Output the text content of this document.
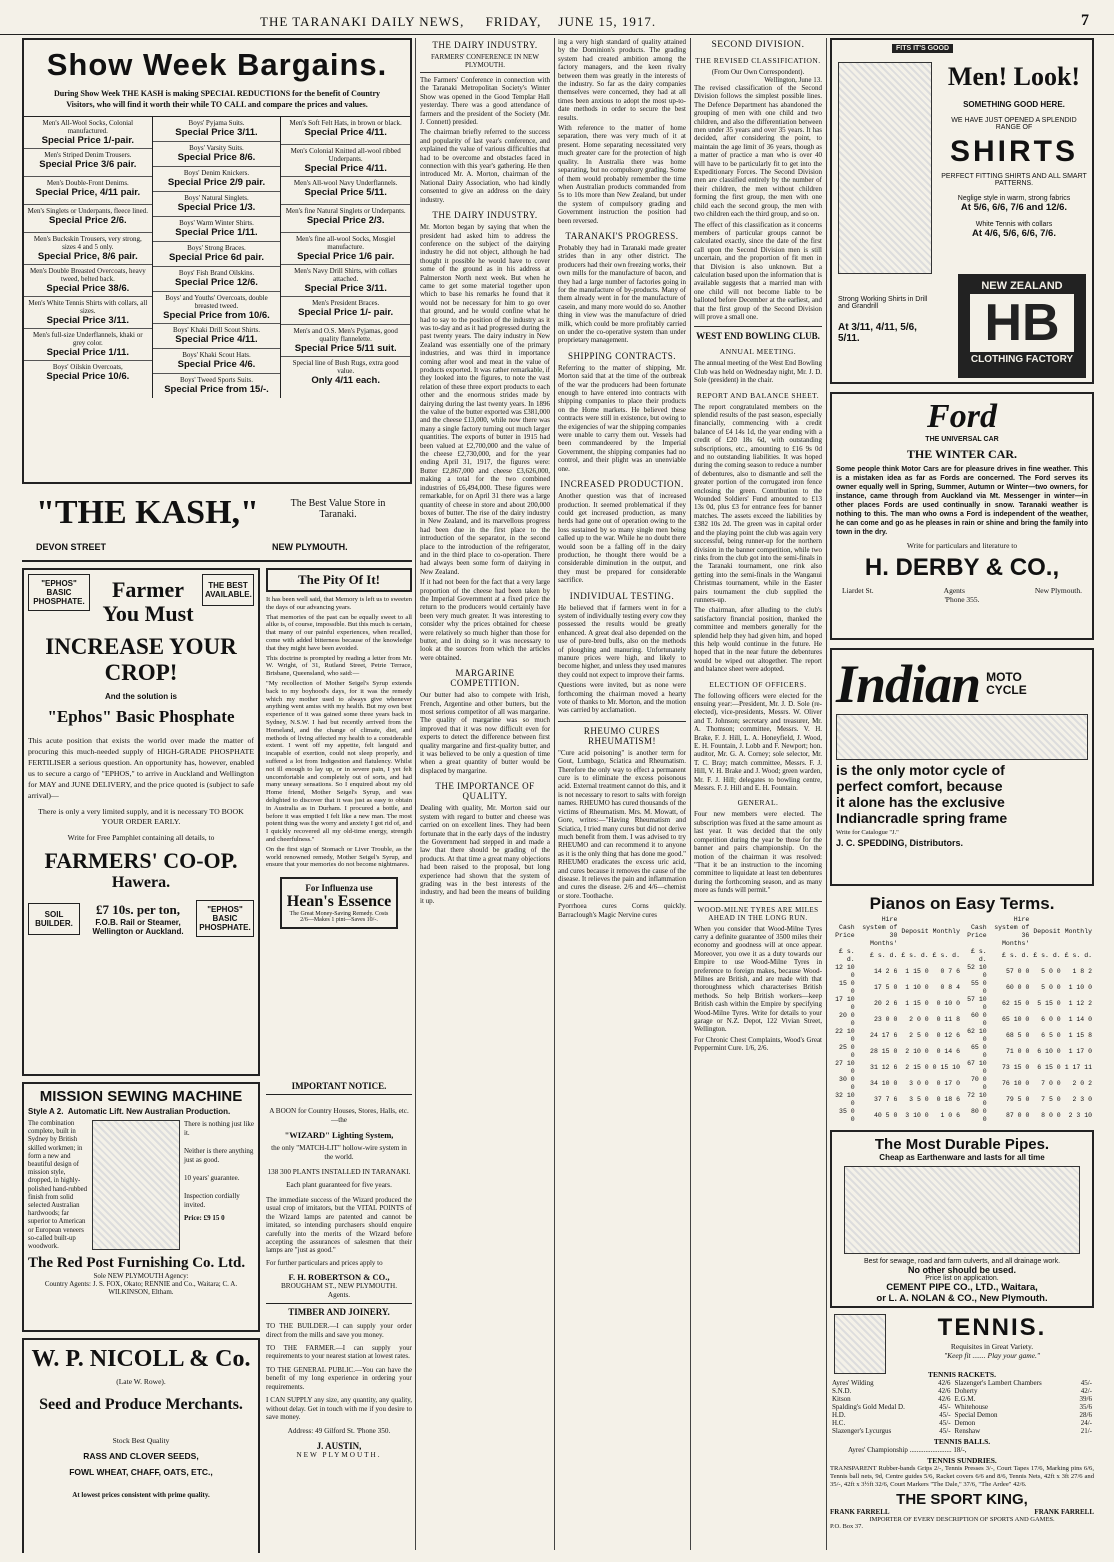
THE TARANAKI DAILY NEWS, FRIDAY, JUNE 15, 1917.	7
Show Week Bargains.
During Show Week THE KASH is making SPECIAL REDUCTIONS for the benefit of Country Visitors, who will find it worth their while TO CALL and compare the prices and values.
Men's All-Wool Socks, Colonial manufactured.
Special Price 1/-pair.
Men's Striped Denim Trousers.
Special Price 3/6 pair.
Men's Double-Front Denims.
Special Price, 4/11 pair.
Men's Singlets or Underpants, fleece lined.
Special Price 2/6.
Men's Buckskin Trousers, very strong, sizes 4 and 5 only.
Special Price, 8/6 pair.
Men's Double Breasted Overcoats, heavy tweed, belted back.
Special Price 38/6.
Men's White Tennis Shirts with collars, all sizes.
Special Price 3/11.
Men's full-size Underflannels, khaki or grey color.
Special Price 1/11.
Boys' Oilskin Overcoats,
Special Price 10/6.
Boys' Pyjama Suits.
Special Price 3/11.
Boys' Varsity Suits.
Special Price 8/6.
Boys' Denim Knickers.
Special Price 2/9 pair.
Boys' Natural Singlets.
Special Price 1/3.
Boys' Warm Winter Shirts.
Special Price 1/11.
Boys' Strong Braces.
Special Price 6d pair.
Boys' Fish Brand Oilskins.
Special Price 12/6.
Boys' and Youths' Overcoats, double breasted tweed.
Special Price from 10/6.
Boys' Khaki Drill Scout Shirts.
Special Price 4/11.
Boys' Khaki Scout Hats.
Special Price 4/6.
Boys' Tweed Sports Suits.
Special Price from 15/-.
Men's Soft Felt Hats, in brown or black.
Special Price 4/11.
Men's Colonial Knitted all-wool ribbed Underpants.
Special Price 4/11.
Men's All-wool Navy Underflannels.
Special Price 5/11.
Men's fine Natural Singlets or Underpants.
Special Price 2/3.
Men's fine all-wool Socks, Mosgiel manufacture.
Special Price 1/6 pair.
Men's Navy Drill Shirts, with collars attached.
Special Price 3/11.
Men's President Braces.
Special Price 1/- pair.
Men's and O.S. Men's Pyjamas, good quality flannelette.
Special Price 5/11 suit.
Special line of Bush Rugs, extra good value.
Only 4/11 each.
"THE KASH,"	The Best Value Store in Taranaki.
DEVON STREET	NEW PLYMOUTH.
"EPHOS" BASIC PHOSPHATE.
THE BEST AVAILABLE.
Farmer You Must
INCREASE YOUR CROP!
And the solution is
"Ephos" Basic Phosphate
This acute position that exists the world over made the matter of procuring this much-needed supply of HIGH-GRADE PHOSPHATE FERTILISER a serious question. An opportunity has, however, enabled us to secure a cargo of "EPHOS," to arrive in Auckland and Wellington for MAY and JUNE DELIVERY, and the price quoted is (subject to safe arrival)—
There is only a very limited supply, and it is necessary TO BOOK YOUR ORDER EARLY.
Write for Free Pamphlet containing all details, to
FARMERS' CO-OP.
Hawera.
SOIL BUILDER.
£7 10s. per ton,
F.O.B. Rail or Steamer,
Wellington or Auckland.
"EPHOS" BASIC PHOSPHATE.
The Pity Of It!
It has been well said, that Memory is left us to sweeten the days of our advancing years.
That memories of the past can be equally sweet to all alike is, of course, impossible. But this much is certain, that many of our painful experiences, when recalled, come with added bitterness because of the knowledge that they might have been avoided.
This doctrine is prompted by reading a letter from Mr. W. Wright, of 31, Rutland Street, Petrie Terrace, Brisbane, Queensland, who said:—
"My recollection of Mother Seigel's Syrup extends back to my boyhood's days, for it was the remedy which my mother used to always give whenever anything went amiss with my health. But my own best experience of it was gained some three years back in Sydney, N.S.W. I had but recently arrived from the Homeland, and the change of climate, diet, and methods of living affected my health to a considerable extent. I went off my appetite, felt languid and incapable of exertion, could not sleep properly, and suffered a lot from Indigestion and flatulency. Whilst not ill enough to lay up, or in severe pain, I yet felt uncomfortable and completely out of sorts, and had many uneasy sensations. So I enquired about my old Home friend, Mother Seigel's Syrup, and was delighted to discover that it was just as easy to obtain in Australia as in Durham. I procured a bottle, and before it was emptied I felt like a new man. The most potent thing was the worry and anxiety I got rid of, and I quickly recovered all my old-time energy, strength and cheerfulness."
On the first sign of Stomach or Liver Trouble, as the world renowned remedy, Mother Seigel's Syrup, and ensure that your memories do not become nightmares.
For Influenza use
Hean's Essence
The Great Money-Saving Remedy. Costs 2/6—Makes 1 pint—Saves 10/-.
MISSION SEWING MACHINE
Style A 2. Automatic Lift. New Australian Production.
The combination complete, built in Sydney by British skilled workmen; in form a new and beautiful design of mission style, dropped, in highly-polished hand-rubbed finish from solid selected Australian hardwoods; far superior to American or European veneers so-called built-up woodwork.
There is nothing just like it.

Neither is there anything just as good.

10 years' guarantee.

Inspection cordially invited.
Price: £9 15 0
The Red Post Furnishing Co. Ltd.
Sole NEW PLYMOUTH Agency:
Country Agents: J. S. FOX, Okato; RENNIE and Co., Waitara; C. A. WILKINSON, Eltham.
W. P. NICOLL & Co.
(Late W. Rowe).
Seed and Produce Merchants.
Stock Best Quality
RASS AND CLOVER SEEDS,
FOWL WHEAT, CHAFF, OATS, ETC.,
At lowest prices consistent with prime quality.
IMPORTANT NOTICE.
A BOON for Country Houses, Stores, Halls, etc.—the
"WIZARD" Lighting System,
the only "MATCH-LIT" hollow-wire system in the world.
138 300 PLANTS INSTALLED IN TARANAKI.
Each plant guaranteed for five years.
The immediate success of the Wizard produced the usual crop of imitators, but the VITAL POINTS of the Wizard lamps are patented and cannot be imitated, so intending purchasers should enquire carefully into the merits of the Wizard before accepting the assurances of salesmen that their lamps are "just as good."
For further particulars and prices apply to
F. H. ROBERTSON & CO.,
BROUGHAM ST., NEW PLYMOUTH.
Agents.
TIMBER AND JOINERY.
TO THE BUILDER.—I can supply your order direct from the mills and save you money.
TO THE FARMER.—I can supply your requirements to your nearest station at lowest rates.
TO THE GENERAL PUBLIC.—You can have the benefit of my long experience in ordering your requirements.
I CAN SUPPLY any size, any quantity, any quality, without delay. Get in touch with me if you desire to save money.
Address: 49 Gilford St. 'Phone 350.
J. AUSTIN,
NEW PLYMOUTH.
THE DAIRY INDUSTRY.
FARMERS' CONFERENCE IN NEW PLYMOUTH.
The Farmers' Conference in connection with the Taranaki Metropolitan Society's Winter Show was opened in the Good Templar Hall yesterday. There was a good attendance of farmers and the president of the Society (Mr. J. Connett) presided.
The chairman briefly referred to the success and popularity of last year's conference, and explained the value of various difficulties that had to be overcome and obstacles faced in connection with this year's gathering. He then introduced Mr. A. Morton, chairman of the National Dairy Association, who had kindly consented to give an address on the dairy industry.
THE DAIRY INDUSTRY.
Mr. Morton began by saying that when the president had asked him to address the conference on the subject of the dairying industry he did not object, although he had thought it possible he would have to cover some of the ground as in his address at Palmerston North next week. But when he came to get some material together upon which to base his remarks he found that it would not be necessary for him to go over that ground, and he would confine what he had to say to the position of the industry as it was to-day and as it had progressed during the past twenty years. The dairy industry in New Zealand was essentially one of the primary industries, and was third in importance coming after wool and meat in the value of products exported. It was rather remarkable, if they looked into the figures, to note the vast relation of these three export products to each other and the enormous strides made by dairying during the last twenty years. In 1896 the value of the butter exported was £381,000 and the cheese £13,000, while now there was many a single factory turning out much larger quantities. The exports of butter in 1915 had been valued at £2,700,000 and the value of the cheese £2,730,000, and for the year ending April 31, 1917, the figures were: Butter £2,867,000 and cheese £3,626,000, making a total for the two combined industries of £6,494,000. These figures were remarkable, for on April 31 there was a large quantity of cheese in store and about 200,000 boxes of butter. The rise of the dairy industry in New Zealand, and its marvellous progress had been due in the first place to the introduction of the separator, in the second place to the introduction of the refrigerator, and in the third place to co-operation. There had always been some form of dairying in New Zealand.
If it had not been for the fact that a very large proportion of the cheese had been taken by the Imperial Government at a fixed price the return to the producers would certainly have been very much greater. It was interesting to consider why the prices obtained for cheese were relatively so much higher than those for butter, and in doing so it was necessary to look at the sources from which the articles were obtained.
MARGARINE COMPETITION.
Our butter had also to compete with Irish, French, Argentine and other butters, but the most serious competitor of all was margarine. The quality of margarine was so much improved that it was now difficult even for experts to detect the difference between first quality margarine and first-quality butter, and it was believed to be only a question of time when a great quantity of butter would be displaced by margarine.
THE IMPORTANCE OF QUALITY.
Dealing with quality, Mr. Morton said our system with regard to butter and cheese was carried on on excellent lines. They had been fortunate that in the early days of the industry the Government had stepped in and made a law that there should be grading of the products. At that time a great many objections had been raised to the proposal, but long experience had shown that the system of grading was in the best interests of the industry, and had been the means of building it up.
ing a very high standard of quality attained by the Dominion's products. The grading system had created ambition among the factory managers, and the keen rivalry between them was greatly in the interests of the industry. So far as the dairy companies themselves were concerned, they had at all times been anxious to adopt the most up-to-date methods in order to secure the best results.
With reference to the matter of home separation, there was very much of it at present. Home separating necessitated very much greater care for the protection of high quality. In Australia there was home separating, but no compulsory grading. Some of them would probably remember the time when Australian products commanded from 5s to 10s more than New Zealand, but under the system of compulsory grading and Government instruction the position had been reversed.
TARANAKI'S PROGRESS.
Probably they had in Taranaki made greater strides than in any other district. The producers had their own freezing works, their own mills for the manufacture of bacon, and they had a large number of factories going in for the manufacture of by-products. Many of them already went in for the manufacture of casein, and many more would do so. Another thing in view was the manufacture of dried milk, which could be more profitably carried on under the co-operative system than under proprietary management.
SHIPPING CONTRACTS.
Referring to the matter of shipping, Mr. Morton said that at the time of the outbreak of the war the producers had been fortunate enough to have entered into contracts with shipping companies to place their products on the Home markets. He believed these contracts were still in existence, but owing to the exigencies of war the shipping companies were unable to carry them out. Vessels had been commandeered by the Imperial Government, the shipping companies had no control, and their plight was an unenviable one.
INCREASED PRODUCTION.
Another question was that of increased production. It seemed problematical if they could get increased production, as many herds had gone out of operation owing to the loss sustained by so many single men being called up to the war. While he no doubt there would soon be a falling off in the dairy production, he thought there would be a considerable diminution in the output, and they must be prepared for considerable sacrifice.
INDIVIDUAL TESTING.
He believed that if farmers went in for a system of individually testing every cow they possessed the results would be greatly enhanced. A great deal also depended on the use of pure-bred bulls, also on the methods of ploughing and manuring. Unfortunately manure prices were high, and likely to become higher, and unless they used manures they could not expect to improve their farms.
Questions were invited, but as none were forthcoming the chairman moved a hearty vote of thanks to Mr. Morton, and the motion was carried by acclamation.
RHEUMO CURES RHEUMATISM!
"Cure acid poisoning" is another term for Gout, Lumbago, Sciatica and Rheumatism. Therefore the only way to effect a permanent cure is to eliminate the excess poisonous acid. External treatment cannot do this, and it is not necessary to resort to salts with foreign names. RHEUMO has cured thousands of the victims of Rheumatism. Mrs. M. Mowatt, of Gore, writes:—"Having Rheumatism and Sciatica, I tried many cures but did not derive much benefit from them. I was advised to try RHEUMO and can recommend it to anyone as it is the only thing that has done me good." RHEUMO eradicates the excess uric acid, and cures because it removes the cause of the disease. It relieves the pain and inflammation and cures the disease. 2/6 and 4/6—chemist or store. Toothache.
Pyorrhoea cures Corns quickly. Barraclough's Magic Nervine cures
SECOND DIVISION.
THE REVISED CLASSIFICATION.
(From Our Own Correspondent).
Wellington, June 13.
The revised classification of the Second Division follows the simplest possible lines. The Defence Department has abandoned the grouping of men with one child and two children, and also the differentiation between men under 35 years and over 35 years. It has decided, after considering the point, to maintain the age limit of 36 years, though as a matter of practice a man who is over 40 will have to be particularly fit to get into the Expeditionary Forces. The Second Division men are classified entirely by the number of their children, the men without children forming the first group, the men with one child each the second group, the men with two children each the third group, and so on.
The effect of this classification as it concerns members of particular groups cannot be calculated exactly, since the date of the first call upon the Second Division men is still uncertain, and the proportion of fit men in that Division is also unknown. But a calculation based upon the information that is available suggests that a married man with one child will not become liable to be balloted before December at the earliest, and that the first group of the Second Division will prove a small one.
WEST END BOWLING CLUB.
ANNUAL MEETING.
The annual meeting of the West End Bowling Club was held on Wednesday night, Mr. J. D. Sole (president) in the chair.
REPORT AND BALANCE SHEET.
The report congratulated members on the splendid results of the past season, especially financially, commencing with a credit balance of £4 14s 1d, the year ending with a credit of £20 18s 6d, with outstanding subscriptions, etc., amounting to £16 9s 0d and no outstanding liabilities. It was hoped during the coming season to reduce a number of debentures, also to dismantle and sell the greater portion of the corrugated iron fence enclosing the green. Contribution to the Wounded Soldiers' Fund amounted to £13 13s 0d, plus £3 for entrance fees for banner matches. The assets exceed the liabilities by £382 10s 2d. The green was in capital order and the playing point the club was again very successful, being runner-up for the northern division in the banner competition, while two rinks from the club got into the semi-finals in the Taranaki tournament, one rink also getting into the semi-finals in the Wanganui Christmas tournament, while in the Easter pairs tournament the club supplied the runners-up.
The chairman, after alluding to the club's satisfactory financial position, thanked the committee and members generally for the splendid help they had given him, and hoped this help would continue in the future. He hoped that in the near future the debentures would be wiped out altogether. The report and balance sheet were adopted.
ELECTION OF OFFICERS.
The following officers were elected for the ensuing year:—President, Mr. J. D. Sole (re-elected), vice-presidents, Messrs. W. Oliver and T. Johnson; secretary and treasurer, Mr. A. Thomson; committee, Messrs. V. H. Brake, F. J. Hill, L. A. Honeyfield, J. Wood, E. H. Fountain, J. Lobb and F. Newport; hon. auditor, Mr. G. A. Corney; sole selector, Mr. T. C. Bray; match committee, Messrs. F. J. Hill, V. H. Brake and J. Wood; green warden, Mr. F. J. Hill; delegates to bowling centre, Messrs. F. J. Hill and E. H. Fountain.
GENERAL.
Four new members were elected. The subscription was fixed at the same amount as last year. It was decided that the only competition during the year be those for the banner and pairs championship. On the motion of the chairman it was resolved: "That it be an instruction to the incoming committee to liquidate at least ten debentures during the forthcoming season, and as many more as funds will permit."
WOOD-MILNE TYRES ARE MILES AHEAD IN THE LONG RUN.
When you consider that Wood-Milne Tyres carry a definite guarantee of 3500 miles their economy and goodness will at once appear. Moreover, you owe it as a duty towards our Empire to use Wood-Milne Tyres in preference to foreign makes, because Wood-Milnes are British, and are made with that thoroughness which characterises British methods. So help British workers—keep British cash within the Empire by specifying Wood-Milne Tyres. Write for details to your garage or N.Z. Depot, 122 Vivian Street, Wellington.
For Chronic Chest Complaints, Wood's Great Peppermint Cure. 1/6, 2/6.
FITS IT'S GOOD
Men! Look!
SOMETHING GOOD HERE.
WE HAVE JUST OPENED A SPLENDID RANGE OF
SHIRTS
PERFECT FITTING SHIRTS AND ALL SMART PATTERNS.
Neglige style in warm, strong fabrics
At 5/6, 6/6, 7/6 and 12/6.
White Tennis with collars
At 4/6, 5/6, 6/6, 7/6.
Strong Working Shirts in Drill and Grandrill
At 3/11, 4/11, 5/6, 5/11.
NEW ZEALAND
HB
CLOTHING FACTORY
Ford
THE UNIVERSAL CAR
THE WINTER CAR.
Some people think Motor Cars are for pleasure drives in fine weather. This is a mistaken idea as far as Fords are concerned. The Ford serves its owner equally well in Spring, Summer, Autumn or Winter—two owners, for instance, came through from Auckland via Mt. Messenger in winter—in other places Fords are used continually in snow. Taranaki weather is nothing to this. The man who owns a Ford is independent of the weather, he can come and go as he pleases in rain or shine and bring the family into town in the dry.
Write for particulars and literature to
H. DERBY & CO.,
Liardet St.	Agents	New Plymouth.
'Phone 355.
Indian MOTO CYCLE
is the only motor cycle of
perfect comfort, because
it alone has the exclusive
Indiancradle spring frame
Write for Catalogue "J."
J. C. SPEDDING, Distributors.
Pianos on Easy Terms.
Cash Price	Hire system of 30 Months'	Deposit	Monthly	Cash Price	Hire system of 36 Months'	Deposit	Monthly
£ s. d.	£ s. d.	£ s. d.	£ s. d.	£ s. d.	£ s. d.	£ s. d.	£ s. d.
12 10 0	14 2 6	1 15 0	0 7 6	52 10 0	57 0 0	5 0 0	1 8 2
15 0 0	17 5 0	1 10 0	0 8 4	55 0 0	60 0 0	5 0 0	1 10 0
17 10 0	20 2 6	1 15 0	0 10 0	57 10 0	62 15 0	5 15 0	1 12 2
20 0 0	23 0 0	2 0 0	0 11 8	60 0 0	65 10 0	6 0 0	1 14 0
22 10 0	24 17 6	2 5 0	0 12 6	62 10 0	68 5 0	6 5 0	1 15 8
25 0 0	28 15 0	2 10 0	0 14 6	65 0 0	71 0 0	6 10 0	1 17 0
27 10 0	31 12 6	2 15 0	0 15 10	67 10 0	73 15 0	6 15 0	1 17 11
30 0 0	34 10 0	3 0 0	0 17 0	70 0 0	76 10 0	7 0 0	2 0 2
32 10 0	37 7 6	3 5 0	0 18 6	72 10 0	79 5 0	7 5 0	2 3 0
35 0 0	40 5 0	3 10 0	1 0 6	80 0 0	87 0 0	8 0 0	2 3 10

The Most Durable Pipes.
Cheap as Earthenware and lasts for all time
Best for sewage, road and farm culverts, and all drainage work.
No other should be used.
Price list on application.
CEMENT PIPE CO., LTD., Waitara,
or L. A. NOLAN & CO., New Plymouth.
TENNIS.
Requisites in Great Variety.
"Keep fit ....... Play your game."
TENNIS RACKETS.
Ayres' Wilding	42/6	Slazenger's Lambert Chambers	45/-
S.N.D.	42/6	Doherty	42/-
Kitson	42/6	E.G.M.	39/6
Spalding's Gold Medal D.	45/-	Whitehouse	35/6
H.D.	45/-	Special Demon	28/6
H.C.	45/-	Demon	24/-
Slazenger's Lycurgus	45/-	Renshaw	21/-
TENNIS BALLS.
Ayres' Championship ........................ 18/-,
TENNIS SUNDRIES.
TRANSPARENT Rubber-bands Grips 2/-, Tennis Presses 3/-, Court Tapes 17/6, Marking pins 6/6, Tennis ball nets, 9d, Centre guides 5/6, Racket covers 6/6 and 8/6, Tennis Nets, 42ft x 3ft 27/6 and 35/-, 42ft x 3½ft 32/6, Court Markers "The Dale," 37/6, "The Ardee" 42/6.
THE SPORT KING,
FRANK FARRELL	FRANK FARRELL
IMPORTER OF EVERY DESCRIPTION OF SPORTS AND GAMES.
P.O. Box 37.
